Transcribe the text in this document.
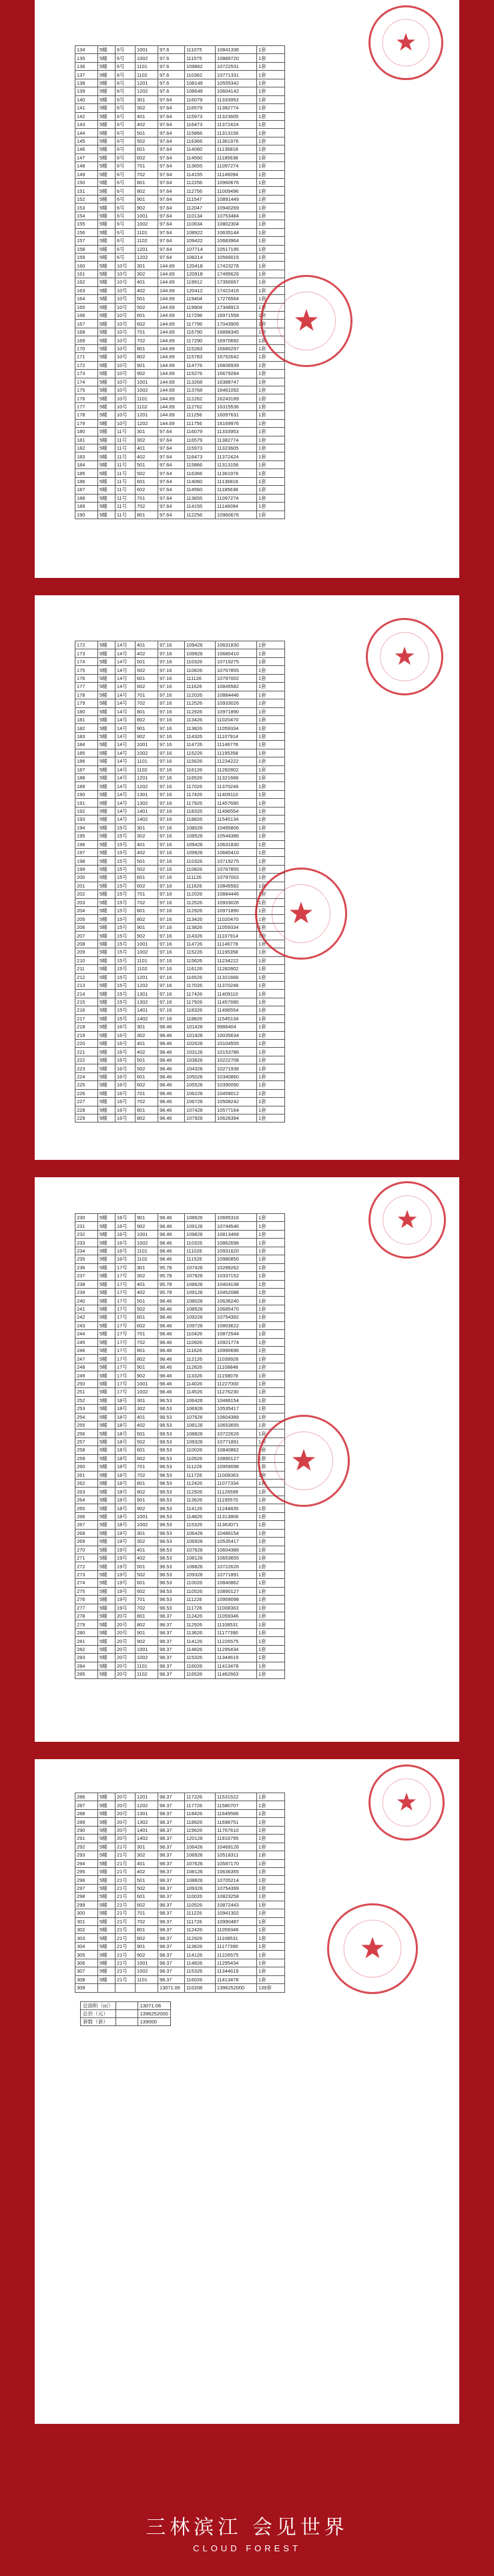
134	5幢	6号	1001	97.6	111075	10841336	1套
135	5幢	6号	1002	97.6	111575	10889720	1套
136	5幢	6号	1101	97.6	109862	10722531	1套
137	5幢	6号	1102	97.6	110362	10771331	1套
138	5幢	6号	1201	97.6	108149	10555342	1套
139	5幢	6号	1202	97.6	108649	10604142	1套
140	5幢	6号	301	97.64	116079	11333953	1套
141	5幢	6号	302	97.64	116579	11382774	1套
142	5幢	6号	401	97.64	115973	11323605	1套
143	5幢	6号	402	97.64	116473	11372424	1套
144	5幢	6号	501	97.64	115866	11313156	1套
145	5幢	6号	502	97.64	116366	11361976	1套
146	5幢	6号	601	97.64	114060	11136818	1套
147	5幢	6号	602	97.64	114560	11185638	1套
148	5幢	6号	701	97.64	113655	11097274	1套
149	5幢	6号	702	97.64	114155	11146094	1套
150	5幢	6号	801	97.64	112256	10960676	1套
151	5幢	6号	802	97.64	112756	11009496	1套
152	5幢	6号	901	97.64	111547	10891449	1套
153	5幢	6号	902	97.64	112047	10940269	1套
154	5幢	6号	1001	97.64	110134	10753484	1套
155	5幢	6号	1002	97.64	110634	10802304	1套
156	5幢	6号	1101	97.64	108922	10635144	1套
157	5幢	6号	1102	97.64	109422	10683964	1套
158	5幢	6号	1201	97.64	107714	10517195	1套
159	5幢	6号	1202	97.64	108214	10566015	1套
160	5幢	10号	301	144.69	120418	17423278	1套
161	5幢	10号	302	144.69	120918	17495626	1套
162	5幢	10号	401	144.69	119912	17350067	1套
163	5幢	10号	402	144.69	120412	17422416	1套
164	5幢	10号	501	144.69	119404	17276564	1套
165	5幢	10号	502	144.69	119904	17348913	1套
166	5幢	10号	601	144.69	117296	16971558	1套
167	5幢	10号	602	144.69	117796	17043905	1套
168	5幢	10号	701	144.69	116790	16898345	1套
169	5幢	10号	702	144.69	117290	16970692	1套
170	5幢	10号	801	144.69	115283	16680297	1套
171	5幢	10号	802	144.69	115783	16752642	1套
172	5幢	10号	901	144.69	114776	16606939	1套
173	5幢	10号	902	144.69	115276	16679284	1套
174	5幢	10号	1001	144.69	113268	16388747	1套
175	5幢	10号	1002	144.69	113768	16461092	1套
176	5幢	10号	1101	144.69	112262	16243189	1套
177	5幢	10号	1102	144.69	112762	16315536	1套
178	5幢	10号	1201	144.69	111256	16097631	1套
179	5幢	10号	1202	144.69	111756	16169976	1套
180	5幢	11号	301	97.64	116079	11333953	1套
181	5幢	11号	302	97.64	116579	11382774	1套
182	5幢	11号	401	97.64	115973	11323605	1套
183	5幢	11号	402	97.64	116473	11372424	1套
184	5幢	11号	501	97.64	115866	11313156	1套
185	5幢	11号	502	97.64	116366	11361976	1套
186	5幢	11号	601	97.64	114060	11136818	1套
187	5幢	11号	602	97.64	114560	11185638	1套
188	5幢	11号	701	97.64	113655	11097274	1套
189	5幢	11号	702	97.64	114155	11146094	1套
190	5幢	11号	801	97.64	112256	10960676	1套
172	5幢	14号	401	97.16	109426	10631830	1套
173	5幢	14号	402	97.16	109926	10680410	1套
174	5幢	14号	501	97.16	110326	10719275	1套
175	5幢	14号	502	97.16	110826	10767855	1套
176	5幢	14号	601	97.16	111126	10797002	1套
177	5幢	14号	602	97.16	111626	10845582	1套
178	5幢	14号	701	97.16	112026	10884446	1套
179	5幢	14号	702	97.16	112526	10933026	1套
180	5幢	14号	801	97.16	112926	10971890	1套
181	5幢	14号	802	97.16	113426	11020470	1套
182	5幢	14号	901	97.16	113826	11059334	1套
183	5幢	14号	902	97.16	114326	11107914	1套
184	5幢	14号	1001	97.16	114726	11146778	1套
185	5幢	14号	1002	97.16	115226	11195358	1套
186	5幢	14号	1101	97.16	115626	11234222	1套
187	5幢	14号	1102	97.16	116126	11282802	1套
188	5幢	14号	1201	97.16	116526	11321666	1套
189	5幢	14号	1202	97.16	117026	11370246	1套
190	5幢	14号	1301	97.16	117426	11409110	1套
191	5幢	14号	1302	97.16	117926	11457690	1套
192	5幢	14号	1401	97.16	118326	11496554	1套
193	5幢	14号	1402	97.16	118826	11545134	1套
194	5幢	15号	301	97.16	108026	10495806	1套
195	5幢	15号	302	97.16	108526	10544386	1套
196	5幢	15号	401	97.16	109426	10631830	1套
197	5幢	15号	402	97.16	109926	10680410	1套
198	5幢	15号	501	97.16	110326	10719275	1套
199	5幢	15号	502	97.16	110826	10767855	1套
200	5幢	15号	601	97.16	111126	10797002	1套
201	5幢	15号	602	97.16	111626	10845582	1套
202	5幢	15号	701	97.16	112026	10884446	1套
203	5幢	15号	702	97.16	112526	10933026	1套
204	5幢	15号	801	97.16	112926	10971890	1套
205	5幢	15号	802	97.16	113426	11020470	1套
206	5幢	15号	901	97.16	113826	11059334	1套
207	5幢	15号	902	97.16	114326	11107914	1套
208	5幢	15号	1001	97.16	114726	11146778	1套
209	5幢	15号	1002	97.16	115226	11195358	1套
210	5幢	15号	1101	97.16	115626	11234222	1套
211	5幢	15号	1102	97.16	116126	11282802	1套
212	5幢	15号	1201	97.16	116526	11321666	1套
213	5幢	15号	1202	97.16	117026	11370246	1套
214	5幢	15号	1301	97.16	117426	11409110	1套
215	5幢	15号	1302	97.16	117926	11457690	1套
216	5幢	15号	1401	97.16	118326	11496554	1套
217	5幢	15号	1402	97.16	118826	11545134	1套
218	5幢	16号	301	98.46	101426	9986404	1套
219	5幢	16号	302	98.46	101926	10035634	1套
220	5幢	16号	401	98.46	102626	10104555	1套
221	5幢	16号	402	98.46	103126	10153786	1套
222	5幢	16号	501	98.46	103826	10222708	1套
223	5幢	16号	502	98.46	104326	10271938	1套
224	5幢	16号	601	98.46	105026	10340860	1套
225	5幢	16号	602	98.46	105526	10390090	1套
226	5幢	16号	701	98.46	106226	10459012	1套
227	5幢	16号	702	98.46	106726	10508242	1套
228	5幢	16号	801	98.46	107426	10577164	1套
229	5幢	16号	802	98.46	107926	10626394	1套
230	5幢	16号	901	98.46	108626	10695316	1套
231	5幢	16号	902	98.46	109126	10744546	1套
232	5幢	16号	1001	98.46	109826	10813468	1套
233	5幢	16号	1002	98.46	110326	10862698	1套
234	5幢	16号	1101	98.46	111026	10931620	1套
235	5幢	16号	1102	98.46	111526	10980850	1套
236	5幢	17号	301	95.78	107426	10289262	1套
237	5幢	17号	302	95.78	107926	10337152	1套
238	5幢	17号	401	95.78	108626	10404198	1套
239	5幢	17号	402	95.78	109126	10452088	1套
240	5幢	17号	501	98.46	108026	10636240	1套
241	5幢	17号	502	98.46	108526	10685470	1套
242	5幢	17号	601	98.46	109226	10754392	1套
243	5幢	17号	602	98.46	109726	10803622	1套
244	5幢	17号	701	98.46	110426	10872544	1套
245	5幢	17号	702	98.46	110926	10921774	1套
246	5幢	17号	801	98.46	111626	10990696	1套
247	5幢	17号	802	98.46	112126	11039926	1套
248	5幢	17号	901	98.46	112826	11108848	1套
249	5幢	17号	902	98.46	113326	11158078	1套
250	5幢	17号	1001	98.46	114026	11227000	1套
251	5幢	17号	1002	98.46	114526	11276230	1套
252	5幢	18号	301	98.53	106426	10486154	1套
253	5幢	18号	302	98.53	106926	10535417	1套
254	5幢	18号	401	98.53	107626	10604389	1套
255	5幢	18号	402	98.53	108126	10653655	1套
256	5幢	18号	501	98.53	108826	10722626	1套
257	5幢	18号	502	98.53	109326	10771891	1套
258	5幢	18号	601	98.53	110026	10840862	1套
259	5幢	18号	602	98.53	110526	10890127	1套
260	5幢	18号	701	98.53	111226	10959098	1套
261	5幢	18号	702	98.53	111726	11008363	1套
262	5幢	18号	801	98.53	112426	11077334	1套
263	5幢	18号	802	98.53	112926	11126599	1套
264	5幢	18号	901	98.53	113626	11195570	1套
265	5幢	18号	902	98.53	114126	11244835	1套
266	5幢	18号	1001	98.53	114826	11313806	1套
267	5幢	18号	1002	98.53	115326	11363071	1套
268	5幢	19号	301	98.53	106426	10486154	1套
269	5幢	19号	302	98.53	106926	10535417	1套
270	5幢	19号	401	98.53	107626	10604389	1套
271	5幢	19号	402	98.53	108126	10653655	1套
272	5幢	19号	501	98.53	108826	10722626	1套
273	5幢	19号	502	98.53	109326	10771891	1套
274	5幢	19号	601	98.53	110026	10840862	1套
275	5幢	19号	602	98.53	110526	10890127	1套
276	5幢	19号	701	98.53	111226	10959098	1套
277	5幢	19号	702	98.53	111726	11008363	1套
278	5幢	20号	801	98.37	112426	11059346	1套
279	5幢	20号	802	98.37	112926	11108531	1套
280	5幢	20号	901	98.37	113626	11177390	1套
281	5幢	20号	902	98.37	114126	11226575	1套
282	5幢	20号	1001	98.37	114826	11295434	1套
283	5幢	20号	1002	98.37	115326	11344619	1套
284	5幢	20号	1101	98.37	116026	11413478	1套
285	5幢	20号	1102	98.37	116526	11462663	1套
286	5幢	20号	1201	98.37	117226	11531522	1套
287	5幢	20号	1202	98.37	117726	11580707	1套
288	5幢	20号	1301	98.37	118426	11649566	1套
289	5幢	20号	1302	98.37	118926	11698751	1套
290	5幢	20号	1401	98.37	119626	11767610	1套
291	5幢	20号	1402	98.37	120126	11816795	1套
292	5幢	21号	301	98.37	106426	10469126	1套
293	5幢	21号	302	98.37	106926	10518311	1套
294	5幢	21号	401	98.37	107626	10587170	1套
295	5幢	21号	402	98.37	108126	10636355	1套
296	5幢	21号	501	98.37	108826	10705214	1套
297	5幢	21号	502	98.37	109326	10754399	1套
298	5幢	21号	601	98.37	110026	10823258	1套
299	5幢	21号	602	98.37	110526	10872443	1套
300	5幢	21号	701	98.37	111226	10941302	1套
301	5幢	21号	702	98.37	111726	10990487	1套
302	5幢	21号	801	98.37	112426	11059346	1套
303	5幢	21号	802	98.37	112926	11108531	1套
304	5幢	21号	901	98.37	113626	11177390	1套
305	5幢	21号	902	98.37	114126	11226575	1套
306	5幢	21号	1001	98.37	114826	11295434	1套
307	5幢	21号	1002	98.37	115326	11344619	1套
308	5幢	21号	1101	98.37	116026	11413478	1套
309				13071.06	110208	1396252000	139套
总面积（㎡）		13071.06
总价（元）		1396252000
套数（套）		139000
三林滨江 会见世界
CLOUD FOREST
